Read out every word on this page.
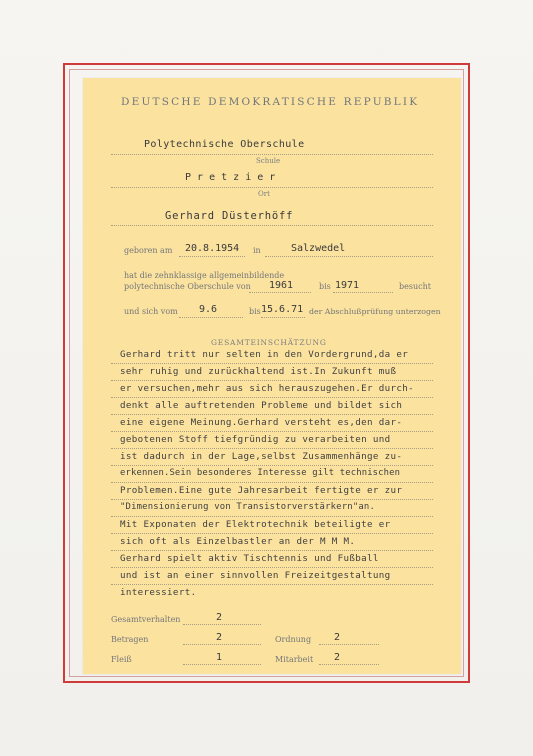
DEUTSCHE DEMOKRATISCHE REPUBLIK
Polytechnische Oberschule
Schule
P r e t z i e r
Ort
Gerhard Düsterhöff
geboren am 20.8.1954 in	Salzwedel
hat die zehnklassige allgemeinbildende
polytechnische Oberschule von 1961	bis 1971	besucht
und sich vom 9.6	bis 15.6.71 der Abschlußprüfung unterzogen
GESAMTEINSCHÄTZUNG
Gerhard tritt nur selten in den Vordergrund,da er
sehr ruhig und zurückhaltend ist.In Zukunft muß
er versuchen,mehr aus sich herauszugehen.Er durch-
denkt alle auftretenden Probleme und bildet sich
eine eigene Meinung.Gerhard versteht es,den dar-
gebotenen Stoff tiefgründig zu verarbeiten und
ist dadurch in der Lage,selbst Zusammenhänge zu-
erkennen.Sein besonderes Interesse gilt technischen
Problemen.Eine gute Jahresarbeit fertigte er zur
"Dimensionierung von Transistorverstärkern"an.
Mit Exponaten der Elektrotechnik beteiligte er
sich oft als Einzelbastler an der M M M.
Gerhard spielt aktiv Tischtennis und Fußball
und ist an einer sinnvollen Freizeitgestaltung
interessiert.
Gesamtverhalten	2
Betragen	2	Ordnung 2
Fleiß	1	Mitarbeit 2
